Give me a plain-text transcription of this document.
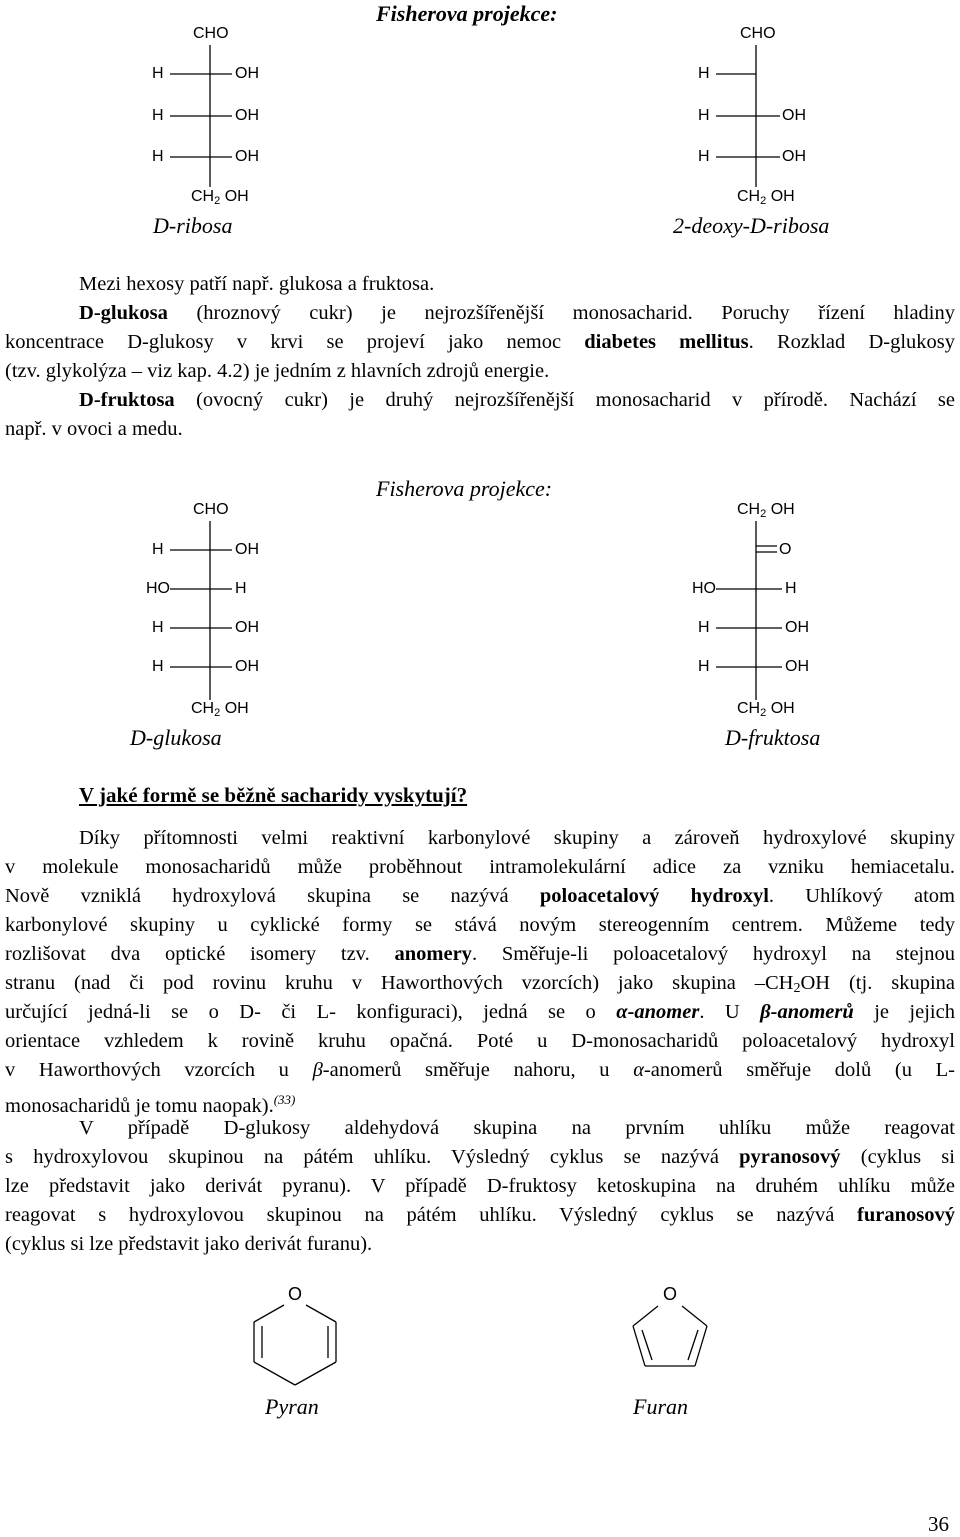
Fisherova projekce:
CHO
H	OH
H	OH
H	OH
CH2 OH
D-ribosa
CHO
H
H	OH
H	OH
CH2 OH
2-deoxy-D-ribosa
Mezi hexosy patří např. glukosa a fruktosa.
D-glukosa (hroznový cukr) je nejrozšířenější monosacharid. Poruchy řízení hladiny
koncentrace D-glukosy v krvi se projeví jako nemoc diabetes mellitus. Rozklad D-glukosy
(tzv. glykolýza – viz kap. 4.2) je jedním z hlavních zdrojů energie.
D-fruktosa (ovocný cukr) je druhý nejrozšířenější monosacharid v přírodě. Nachází se
např. v ovoci a medu.
Fisherova projekce:
CHO
H	OH
HO	H
H	OH
H	OH
CH2 OH
D-glukosa
CH2 OH
O
HO	H
H	OH
H	OH
CH2 OH
D-fruktosa
V jaké formě se běžně sacharidy vyskytují?
Díky přítomnosti velmi reaktivní karbonylové skupiny a zároveň hydroxylové skupiny
v molekule monosacharidů může proběhnout intramolekulární adice za vzniku hemiacetalu.
Nově vzniklá hydroxylová skupina se nazývá poloacetalový hydroxyl. Uhlíkový atom
karbonylové skupiny u cyklické formy se stává novým stereogenním centrem. Můžeme tedy
rozlišovat dva optické isomery tzv. anomery. Směřuje-li poloacetalový hydroxyl na stejnou
stranu (nad či pod rovinu kruhu v Haworthových vzorcích) jako skupina –CH2OH (tj. skupina
určující jedná-li se o D- či L- konfiguraci), jedná se o α-anomer. U β-anomerů je jejich
orientace vzhledem k rovině kruhu opačná. Poté u D-monosacharidů poloacetalový hydroxyl
v Haworthových vzorcích u β-anomerů směřuje nahoru, u α-anomerů směřuje dolů (u L-
monosacharidů je tomu naopak).$^{(33)}$
V případě D-glukosy aldehydová skupina na prvním uhlíku může reagovat
s hydroxylovou skupinou na pátém uhlíku. Výsledný cyklus se nazývá pyranosový (cyklus si
lze představit jako derivát pyranu). V případě D-fruktosy ketoskupina na druhém uhlíku může
reagovat s hydroxylovou skupinou na pátém uhlíku. Výsledný cyklus se nazývá furanosový
(cyklus si lze představit jako derivát furanu).
O
Pyran
O
Furan
36
